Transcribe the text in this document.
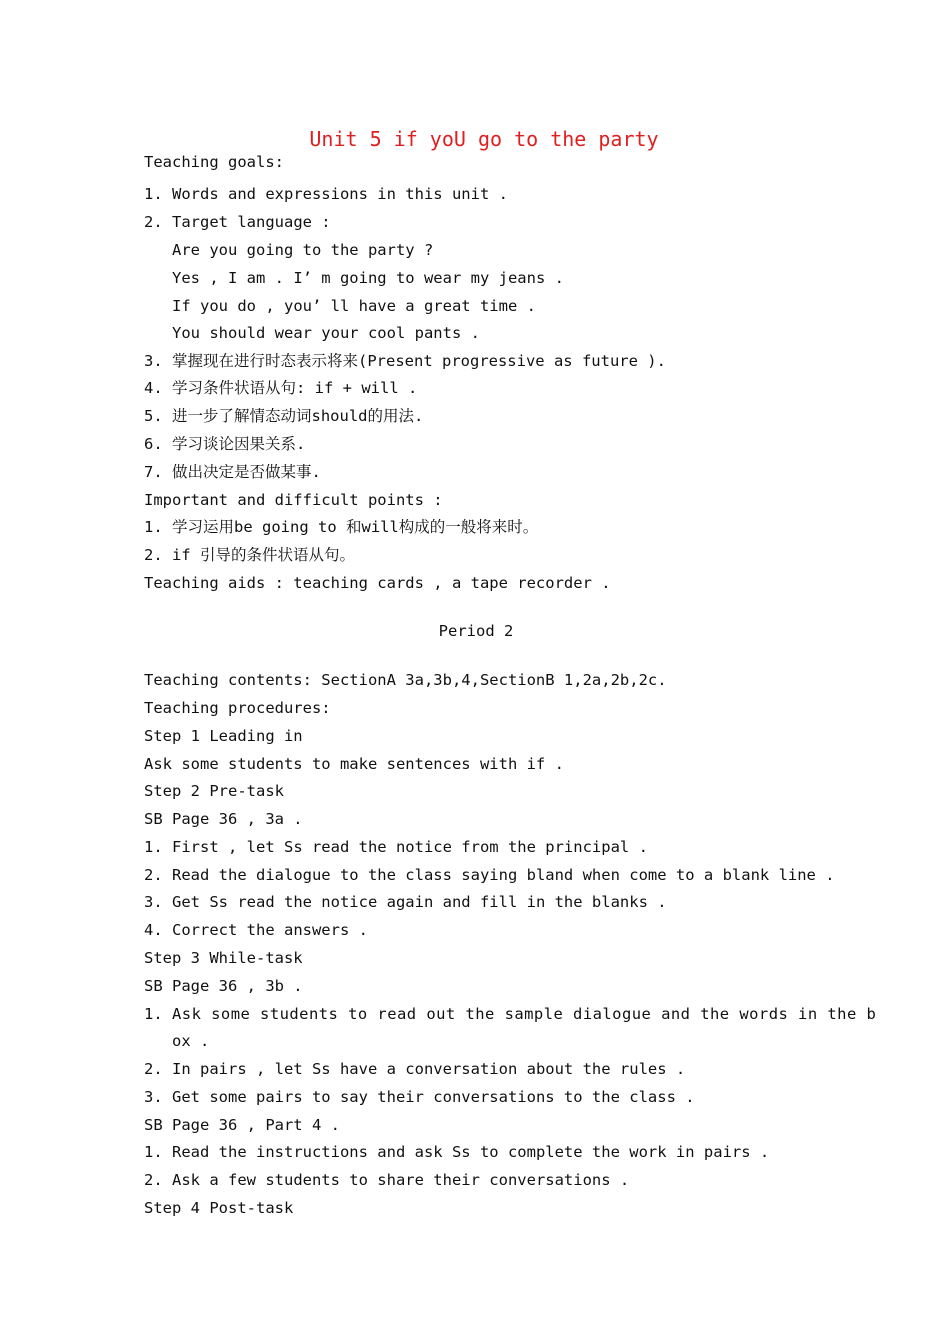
Unit 5 if yoU go to the party
Teaching goals:
1. Words and expressions in this unit .
2. Target language :
Are you going to the party ?
Yes , I am . I’ m going to wear my jeans .
If you do , you’ ll have a great time .
You should wear your cool pants .
3. 掌握现在进行时态表示将来(Present progressive as future ).
4. 学习条件状语从句: if + will .
5. 进一步了解情态动词should的用法.
6. 学习谈论因果关系.
7. 做出决定是否做某事.
Important and difficult points :
1. 学习运用be going to 和will构成的一般将来时。
2. if 引导的条件状语从句。
Teaching aids : teaching cards , a tape recorder .
Period 2
Teaching contents: SectionA 3a,3b,4,SectionB 1,2a,2b,2c.
Teaching procedures:
Step 1 Leading in
Ask some students to make sentences with if .
Step 2 Pre-task
SB Page 36 , 3a .
1. First , let Ss read the notice from the principal .
2. Read the dialogue to the class saying bland when come to a blank line .
3. Get Ss read the notice again and fill in the blanks .
4. Correct the answers .
Step 3 While-task
SB Page 36 , 3b .
1. Ask some students to read out the sample dialogue and the words in the b
ox .
2. In pairs , let Ss have a conversation about the rules .
3. Get some pairs to say their conversations to the class .
SB Page 36 , Part 4 .
1. Read the instructions and ask Ss to complete the work in pairs .
2. Ask a few students to share their conversations .
Step 4 Post-task
